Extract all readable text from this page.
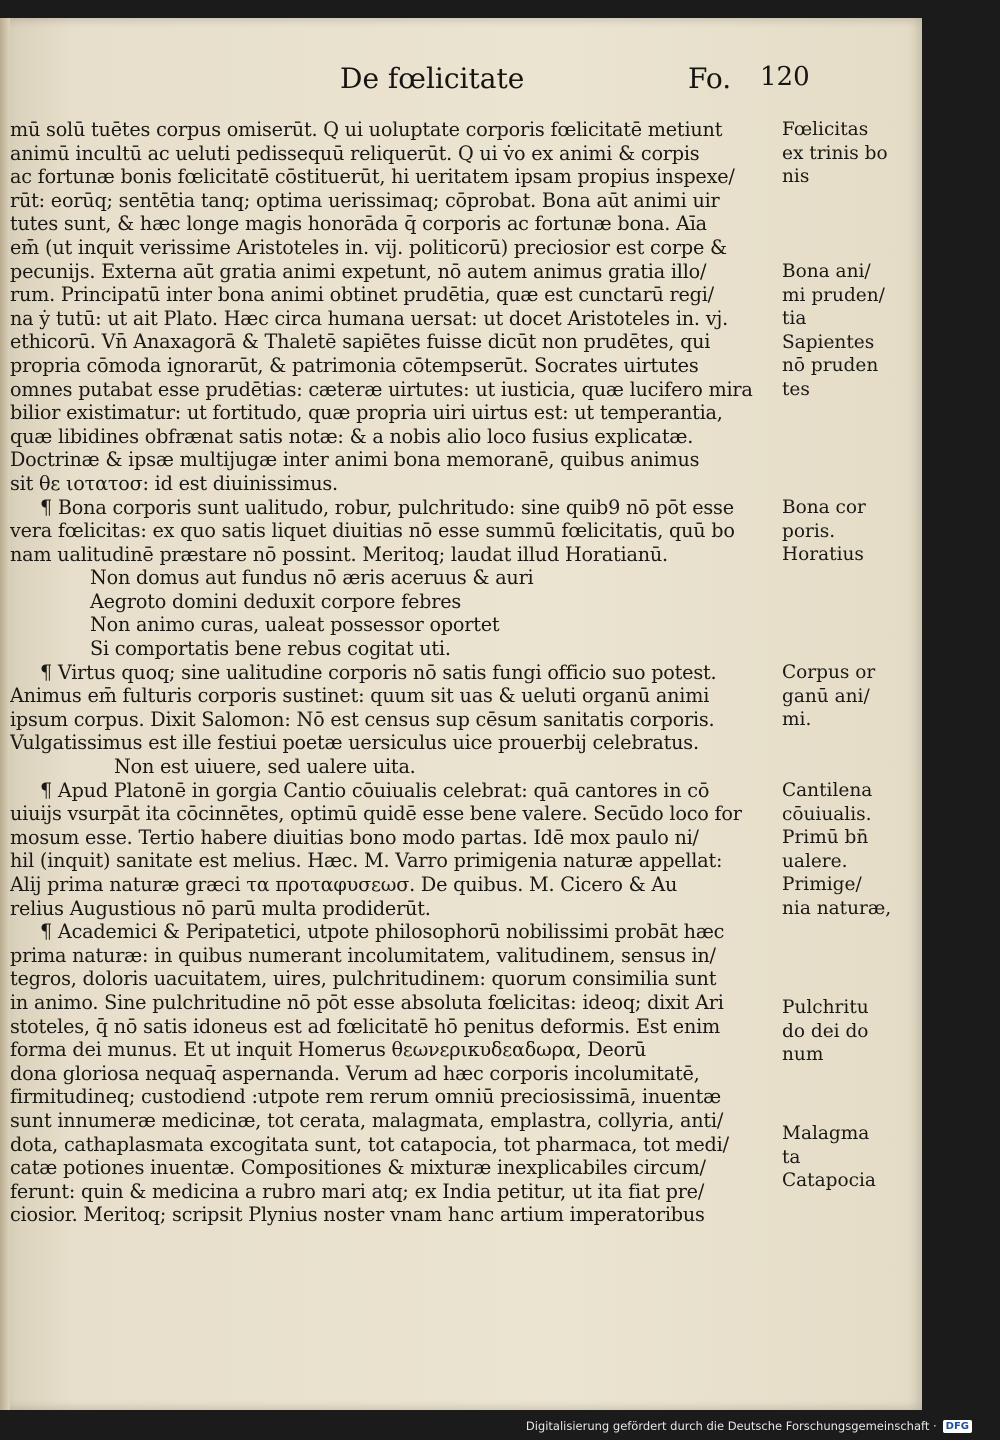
De fœlicitate	Fo. 120
mū solū tuētes corpus omiserūt. Q ui uoluptate corporis fœlicitatē metiunt
animū incultū ac ueluti pedissequū reliquerūt. Q ui v̇o ex animi & corpis
ac fortunæ bonis fœlicitatē cōstituerūt, hi ueritatem ipsam propius inspexe/
rūt: eorūq; sentētia tanq; optima uerissimaq; cōprobat. Bona aūt animi uir
tutes sunt, & hæc longe magis honorāda q̄ corporis ac fortunæ bona. Aīa
em̄ (ut inquit verissime Aristoteles in. vij. politicorū) preciosior est corpe &
pecunijs. Externa aūt gratia animi expetunt, nō autem animus gratia illo/
rum. Principatū inter bona animi obtinet prudētia, quæ est cunctarū regi/
na ẏ tutū: ut ait Plato. Hæc circa humana uersat: ut docet Aristoteles in. vj.
ethicorū. Vn̄ Anaxagorā & Thaletē sapiētes fuisse dicūt non prudētes, qui
propria cōmoda ignorarūt, & patrimonia cōtempserūt. Socrates uirtutes
omnes putabat esse prudētias: cæteræ uirtutes: ut iusticia, quæ lucifero mira
bilior existimatur: ut fortitudo, quæ propria uiri uirtus est: ut temperantia,
quæ libidines obfrænat satis notæ: & a nobis alio loco fusius explicatæ.
Doctrinæ & ipsæ multijugæ inter animi bona memoranē, quibus animus
sit θε ιοτατοσ: id est diuinissimus.
¶ Bona corporis sunt ualitudo, robur, pulchritudo: sine quib9 nō pōt esse
vera fœlicitas: ex quo satis liquet diuitias nō esse summū fœlicitatis, quū bo
nam ualitudinē præstare nō possint. Meritoq; laudat illud Horatianū.
Non domus aut fundus nō æris aceruus & auri
Aegroto domini deduxit corpore febres
Non animo curas, ualeat possessor oportet
Si comportatis bene rebus cogitat uti.
¶ Virtus quoq; sine ualitudine corporis nō satis fungi officio suo potest.
Animus em̄ fulturis corporis sustinet: quum sit uas & ueluti organū animi
ipsum corpus. Dixit Salomon: Nō est census sup cēsum sanitatis corporis.
Vulgatissimus est ille festiui poetæ uersiculus uice prouerbij celebratus.
Non est uiuere, sed ualere uita.
¶ Apud Platonē in gorgia Cantio cōuiualis celebrat: quā cantores in cō
uiuijs vsurpāt ita cōcinnētes, optimū quidē esse bene valere. Secūdo loco for
mosum esse. Tertio habere diuitias bono modo partas. Idē mox paulo ni/
hil (inquit) sanitate est melius. Hæc. M. Varro primigenia naturæ appellat:
Alij prima naturæ græci τα προταφυσεωσ. De quibus. M. Cicero & Au
relius Augustious nō parū multa prodiderūt.
¶ Academici & Peripatetici, utpote philosophorū nobilissimi probāt hæc
prima naturæ: in quibus numerant incolumitatem, valitudinem, sensus in/
tegros, doloris uacuitatem, uires, pulchritudinem: quorum consimilia sunt
in animo. Sine pulchritudine nō pōt esse absoluta fœlicitas: ideoq; dixit Ari
stoteles, q̄ nō satis idoneus est ad fœlicitatē hō penitus deformis. Est enim
forma dei munus. Et ut inquit Homerus θεωνερικυδεαδωρα, Deorū
dona gloriosa nequaq̄ aspernanda. Verum ad hæc corporis incolumitatē,
firmitudineq; custodiend :utpote rem rerum omniū preciosissimā, inuentæ
sunt innumeræ medicinæ, tot cerata, malagmata, emplastra, collyria, anti/
dota, cathaplasmata excogitata sunt, tot catapocia, tot pharmaca, tot medi/
catæ potiones inuentæ. Compositiones & mixturæ inexplicabiles circum/
ferunt: quin & medicina a rubro mari atq; ex India petitur, ut ita fiat pre/
ciosior. Meritoq; scripsit Plynius noster vnam hanc artium imperatoribus
Fœlicitas
ex trinis bo
nis
Bona ani/
mi pruden/
tia
Sapientes
nō pruden
tes
Bona cor
poris.
Horatius
Corpus or
ganū ani/
mi.
Cantilena
cōuiualis.
Primū bn̄
ualere.
Primige/
nia naturæ,
Pulchritu
do dei do
num
Malagma
ta
Catapocia
Digitalisierung gefördert durch die Deutsche Forschungsgemeinschaft · DFG
